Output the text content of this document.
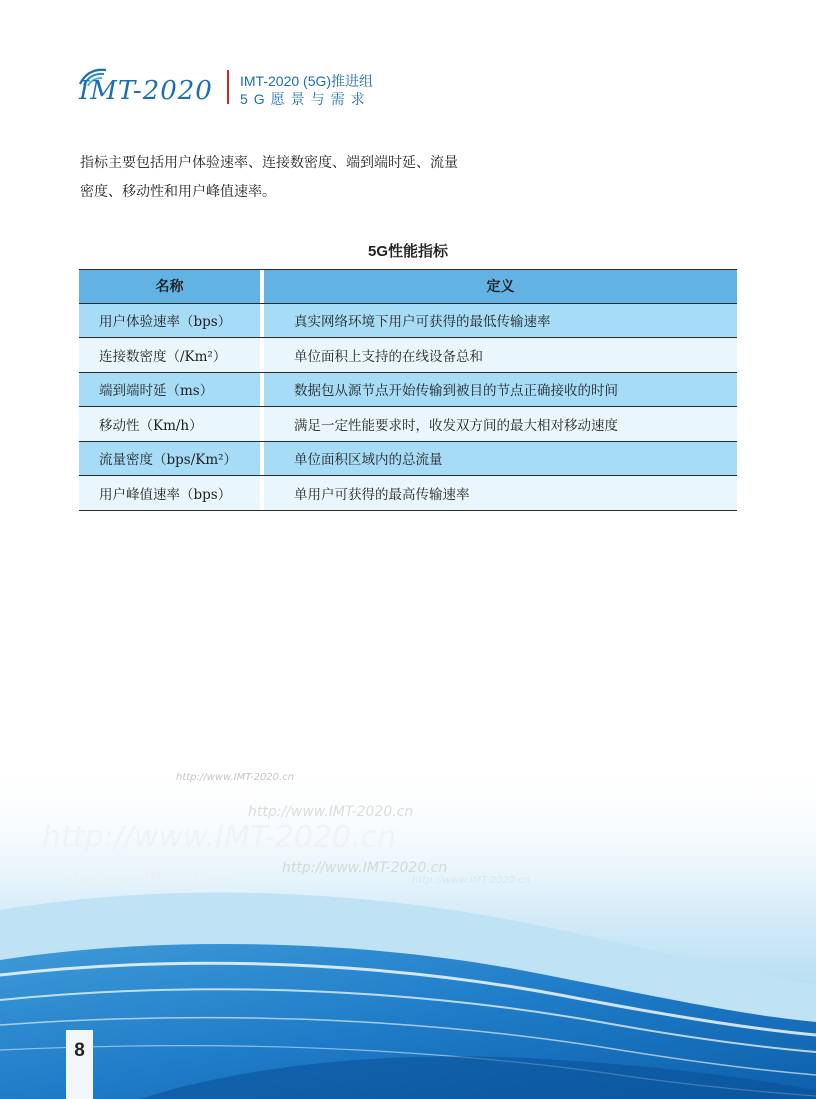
IMT-2020 IMT-2020 (5G)推进组
5G愿景与需求
指标主要包括用户体验速率、连接数密度、端到端时延、流量
密度、移动性和用户峰值速率。
5G性能指标
名称	定义
用户体验速率（bps）	真实网络环境下用户可获得的最低传输速率
连接数密度（/Km²）	单位面积上支持的在线设备总和
端到端时延（ms）	数据包从源节点开始传输到被目的节点正确接收的时间
移动性（Km/h）	满足一定性能要求时，收发双方间的最大相对移动速度
流量密度（bps/Km²）	单位面积区域内的总流量
用户峰值速率（bps）	单用户可获得的最高传输速率
http://www.IMT-2020.cn
http://www.IMT-2020.cn
http://www.IMT-2020.cn
http://www.IMT-2020.cn
http://www.IMT-2020.cn	http://www.IMT-2020.cn
8
